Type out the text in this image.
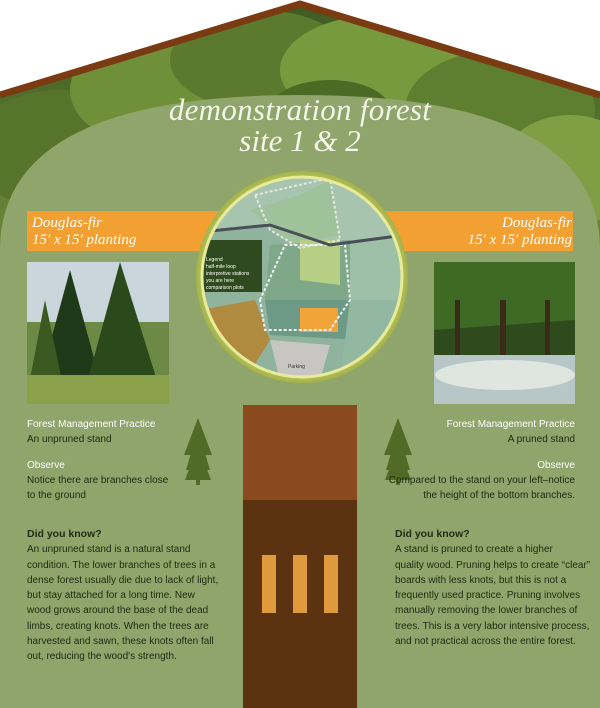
demonstration forest
site 1 & 2
Douglas-fir
15' x 15' planting
Douglas-fir
15' x 15' planting
Legend
half-mile loop
interpretive stations
you are here
comparison plots
Parking
Forest Management Practice
An unpruned stand
Observe
Notice there are branches close
to the ground
Did you know?
An unpruned stand is a natural stand
condition. The lower branches of trees in a
dense forest usually die due to lack of light,
but stay attached for a long time. New
wood grows around the base of the dead
limbs, creating knots. When the trees are
harvested and sawn, these knots often fall
out, reducing the wood's strength.
Forest Management Practice
A pruned stand
Observe
Compared to the stand on your left–notice
the height of the bottom branches.
Did you know?
A stand is pruned to create a higher
quality wood. Pruning helps to create “clear”
boards with less knots, but this is not a
frequently used practice. Pruning involves
manually removing the lower branches of
trees. This is a very labor intensive process,
and not practical across the entire forest.
